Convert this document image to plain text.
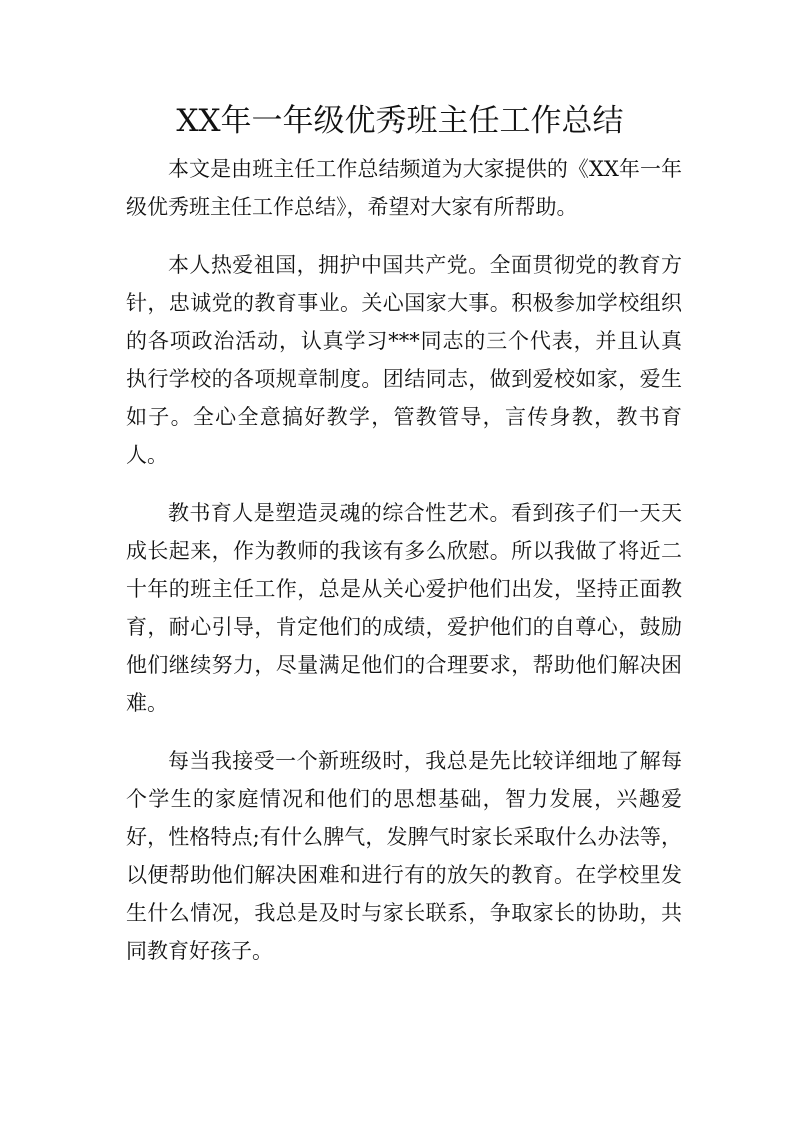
XX年一年级优秀班主任工作总结

本文是由班主任工作总结频道为大家提供的《XX年一年级优秀班主任工作总结》，希望对大家有所帮助。

本人热爱祖国，拥护中国共产党。全面贯彻党的教育方针，忠诚党的教育事业。关心国家大事。积极参加学校组织的各项政治活动，认真学习***同志的三个代表，并且认真执行学校的各项规章制度。团结同志，做到爱校如家，爱生如子。全心全意搞好教学，管教管导，言传身教，教书育人。

教书育人是塑造灵魂的综合性艺术。看到孩子们一天天成长起来，作为教师的我该有多么欣慰。所以我做了将近二十年的班主任工作，总是从关心爱护他们出发，坚持正面教育，耐心引导，肯定他们的成绩，爱护他们的自尊心，鼓励他们继续努力，尽量满足他们的合理要求，帮助他们解决困难。

每当我接受一个新班级时，我总是先比较详细地了解每个学生的家庭情况和他们的思想基础，智力发展，兴趣爱好，性格特点;有什么脾气，发脾气时家长采取什么办法等，以便帮助他们解决困难和进行有的放矢的教育。在学校里发生什么情况，我总是及时与家长联系，争取家长的协助，共同教育好孩子。
